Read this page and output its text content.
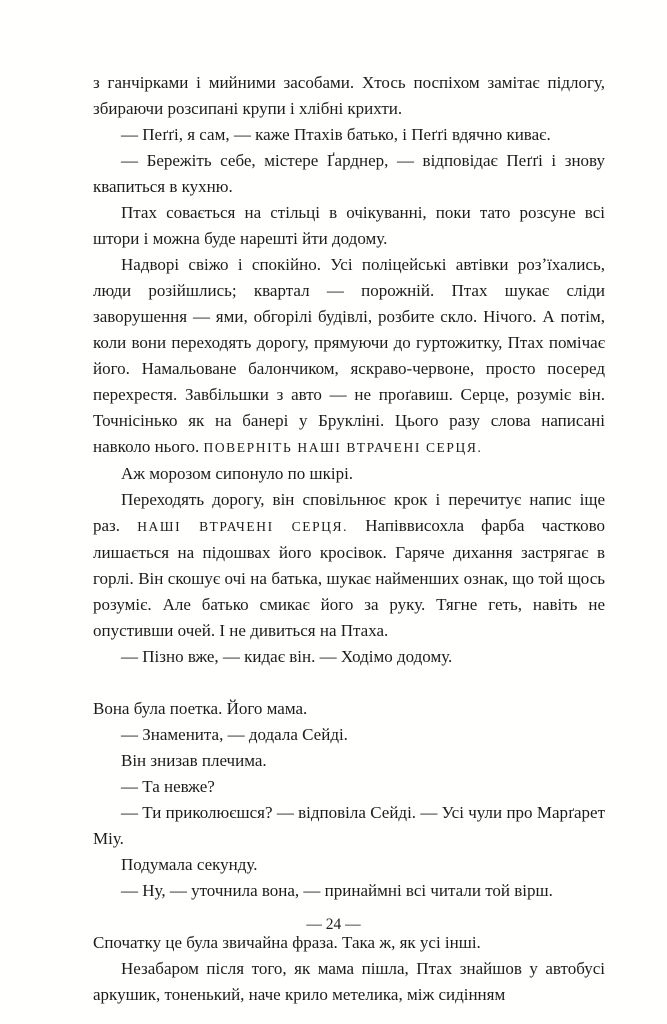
з ганчірками і мийними засобами. Хтось поспіхом замітає підлогу, збираючи розсипані крупи і хлібні крихти.

— Пеґґі, я сам, — каже Птахів батько, і Пеґґі вдячно киває.

— Бережіть себе, містере Ґарднер, — відповідає Пеґґі і знову квапиться в кухню.

Птах совається на стільці в очікуванні, поки тато розсуне всі штори і можна буде нарешті йти додому.

Надворі свіжо і спокійно. Усі поліцейські автівки розʼїхались, люди розійшлись; квартал — порожній. Птах шукає сліди заворушення — ями, обгорілі будівлі, розбите скло. Нічого. А потім, коли вони переходять дорогу, прямуючи до гуртожитку, Птах помічає його. Намальоване балончиком, яскраво-червоне, просто посеред перехрестя. Завбільшки з авто — не проґавиш. Серце, розуміє він. Точнісінько як на банері у Брукліні. Цього разу слова написані навколо нього. ПОВЕРНІТЬ НАШІ ВТРАЧЕНІ СЕРЦЯ.

Аж морозом сипонуло по шкірі.

Переходять дорогу, він сповільнює крок і перечитує напис іще раз. НАШІ ВТРАЧЕНІ СЕРЦЯ. Напіввисохла фарба частково лишається на підошвах його кросівок. Гаряче дихання застрягає в горлі. Він скошує очі на батька, шукає найменших ознак, що той щось розуміє. Але батько смикає його за руку. Тягне геть, навіть не опустивши очей. І не дивиться на Птаха.

— Пізно вже, — кидає він. — Ходімо додому.

Вона була поетка. Його мама.

— Знаменита, — додала Сейді.

Він знизав плечима.

— Та невже?

— Ти приколюєшся? — відповіла Сейді. — Усі чули про Марґарет Міу.

Подумала секунду.

— Ну, — уточнила вона, — принаймні всі читали той вірш.

Спочатку це була звичайна фраза. Така ж, як усі інші.

Незабаром після того, як мама пішла, Птах знайшов у автобусі аркушик, тоненький, наче крило метелика, між сидінням

— 24 —
